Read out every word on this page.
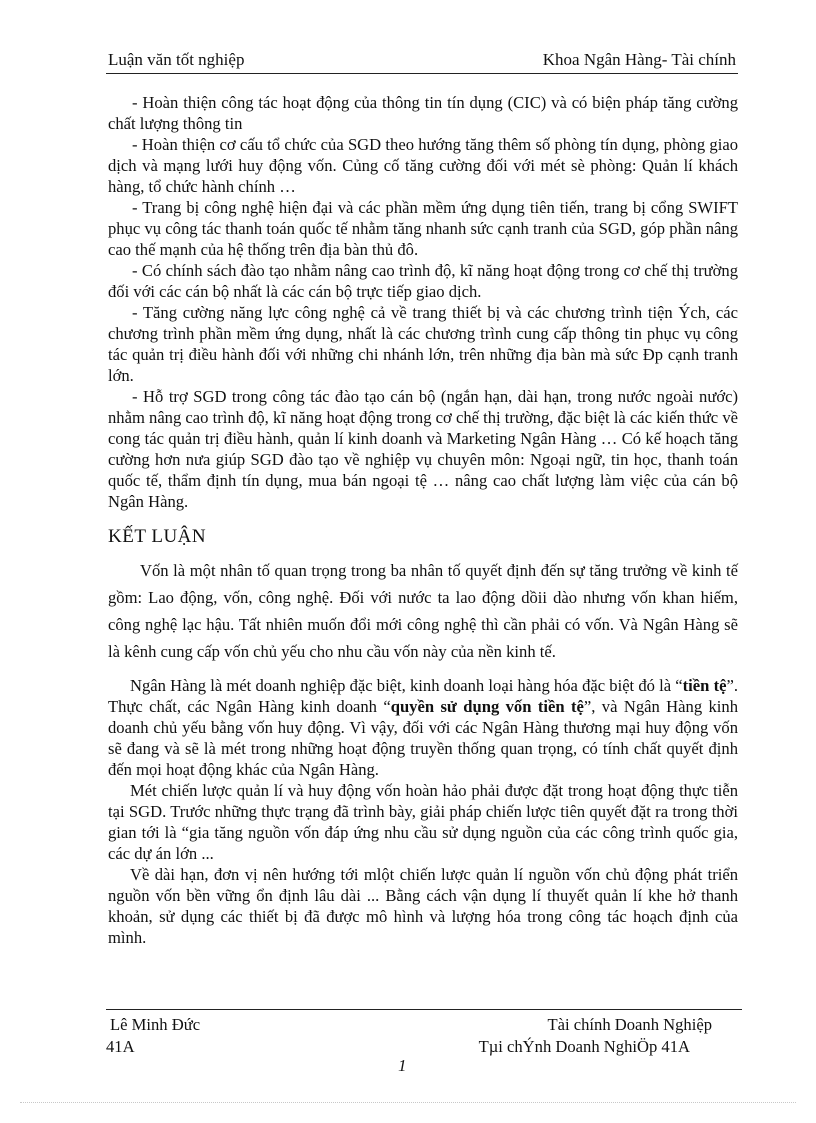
Luận văn tốt nghiệp	Khoa Ngân Hàng- Tài chính

- Hoàn thiện công tác hoạt động của thông tin tín dụng (CIC) và có biện pháp tăng cường chất lượng thông tin

- Hoàn thiện cơ cấu tổ chức của SGD theo hướng tăng thêm số phòng tín dụng, phòng giao dịch và mạng lưới huy động vốn. Củng cố tăng cường đối với mét sè phòng: Quản lí khách hàng, tổ chức hành chính …

- Trang bị công nghệ hiện đại và các phần mềm ứng dụng tiên tiến, trang bị cổng SWIFT phục vụ công tác thanh toán quốc tế nhằm tăng nhanh sức cạnh tranh của SGD, góp phần nâng cao thế mạnh của hệ thống trên địa bàn thủ đô.

- Có chính sách đào tạo nhằm nâng cao trình độ, kĩ năng hoạt động trong cơ chế thị trường đối với các cán bộ nhất là các cán bộ trực tiếp giao dịch.

- Tăng cường năng lực công nghệ cả về trang thiết bị và các chương trình tiện Ých, các chương trình phần mềm ứng dụng, nhất là các chương trình cung cấp thông tin phục vụ công tác quản trị điều hành đối với những chi nhánh lớn, trên những địa bàn mà sức Ðp cạnh tranh lớn.

- Hỗ trợ SGD trong công tác đào tạo cán bộ (ngắn hạn, dài hạn, trong nước ngoài nước) nhằm nâng cao trình độ, kĩ năng hoạt động trong cơ chế thị trường, đặc biệt là các kiến thức về cong tác quản trị điều hành, quản lí kinh doanh và Marketing Ngân Hàng … Có kế hoạch tăng cường hơn nưa giúp SGD đào tạo về nghiệp vụ chuyên môn: Ngoại ngữ, tin học, thanh toán quốc tế, thẩm định tín dụng, mua bán ngoại tệ … nâng cao chất lượng làm việc của cán bộ Ngân Hàng.

KẾT LUẬN

Vốn là một nhân tố quan trọng trong ba nhân tố quyết định đến sự tăng trưởng về kinh tế gồm: Lao động, vốn, công nghệ. Đối với nước ta lao động dồii dào nhưng vốn khan hiếm, công nghệ lạc hậu. Tất nhiên muốn đổi mới công nghệ thì cần phải có vốn. Và Ngân Hàng sẽ là kênh cung cấp vốn chủ yếu cho nhu cầu vốn này của nền kinh tế.

Ngân Hàng là mét doanh nghiệp đặc biệt, kinh doanh loại hàng hóa đặc biệt đó là “tiền tệ”. Thực chất, các Ngân Hàng kinh doanh “quyền sử dụng vốn tiền tệ”, và Ngân Hàng kinh doanh chủ yếu bằng vốn huy động. Vì vậy, đối với các Ngân Hàng thương mại huy động vốn sẽ đang và sẽ là mét trong những hoạt động truyền thống quan trọng, có tính chất quyết định đến mọi hoạt động khác của Ngân Hàng.

Mét chiến lược quản lí và huy động vốn hoàn hảo phải được đặt trong hoạt động thực tiễn tại SGD. Trước những thực trạng đã trình bày, giải pháp chiến lược tiên quyết đặt ra trong thời gian tới là “gia tăng nguồn vốn đáp ứng nhu cầu sử dụng nguồn của các công trình quốc gia, các dự án lớn ...

Về dài hạn, đơn vị nên hướng tới mlột chiến lược quản lí nguồn vốn chủ động phát triển nguồn vốn bền vững ổn định lâu dài ... Bằng cách vận dụng lí thuyết quản lí khe hở thanh khoản, sử dụng các thiết bị đã được mô hình và lượng hóa trong công tác hoạch định của mình.

Lê Minh Đức
41A
Tài chính Doanh Nghiệp
Tµi chÝnh Doanh NghiÖp 41A
1
